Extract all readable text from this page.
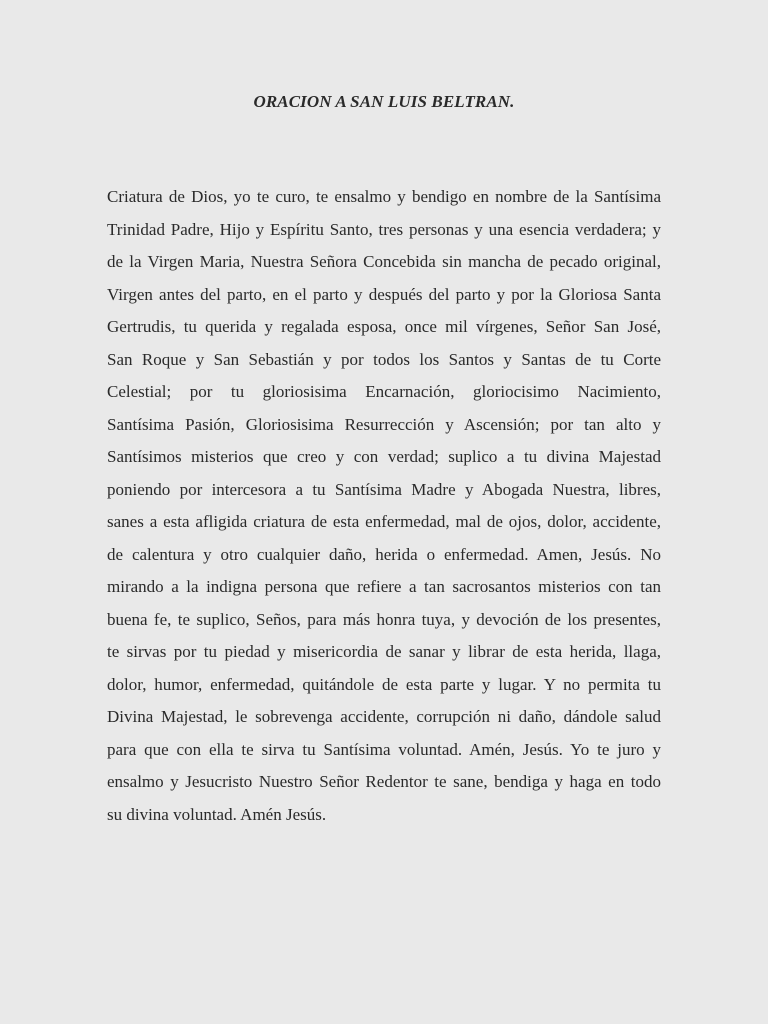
ORACION A SAN LUIS BELTRAN.
Criatura de Dios, yo te curo, te ensalmo y bendigo en nombre de la Santísima
Trinidad Padre, Hijo y Espíritu Santo, tres personas y una esencia verdadera; y
de la Virgen Maria, Nuestra Señora Concebida sin mancha de pecado original,
Virgen antes del parto, en el parto y después del parto y por la Gloriosa Santa
Gertrudis, tu querida y regalada esposa, once mil vírgenes, Señor San José,
San Roque y San Sebastián y por todos los Santos y Santas de tu Corte
Celestial; por tu gloriosisima Encarnación, gloriocisimo Nacimiento,
Santísima Pasión, Gloriosisima Resurrección y Ascensión; por tan alto y
Santísimos misterios que creo y con verdad; suplico a tu divina Majestad
poniendo por intercesora a tu Santísima Madre y Abogada Nuestra, libres,
sanes a esta afligida criatura de esta enfermedad, mal de ojos, dolor, accidente,
de calentura y otro cualquier daño, herida o enfermedad. Amen, Jesús. No
mirando a la indigna persona que refiere a tan sacrosantos misterios con tan
buena fe, te suplico, Seños, para más honra tuya, y devoción de los presentes,
te sirvas por tu piedad y misericordia de sanar y librar de esta herida, llaga,
dolor, humor, enfermedad, quitándole de esta parte y lugar. Y no permita tu
Divina Majestad, le sobrevenga accidente, corrupción ni daño, dándole salud
para que con ella te sirva tu Santísima voluntad. Amén, Jesús. Yo te juro y
ensalmo y Jesucristo Nuestro Señor Redentor te sane, bendiga y haga en todo
su divina voluntad. Amén Jesús.
